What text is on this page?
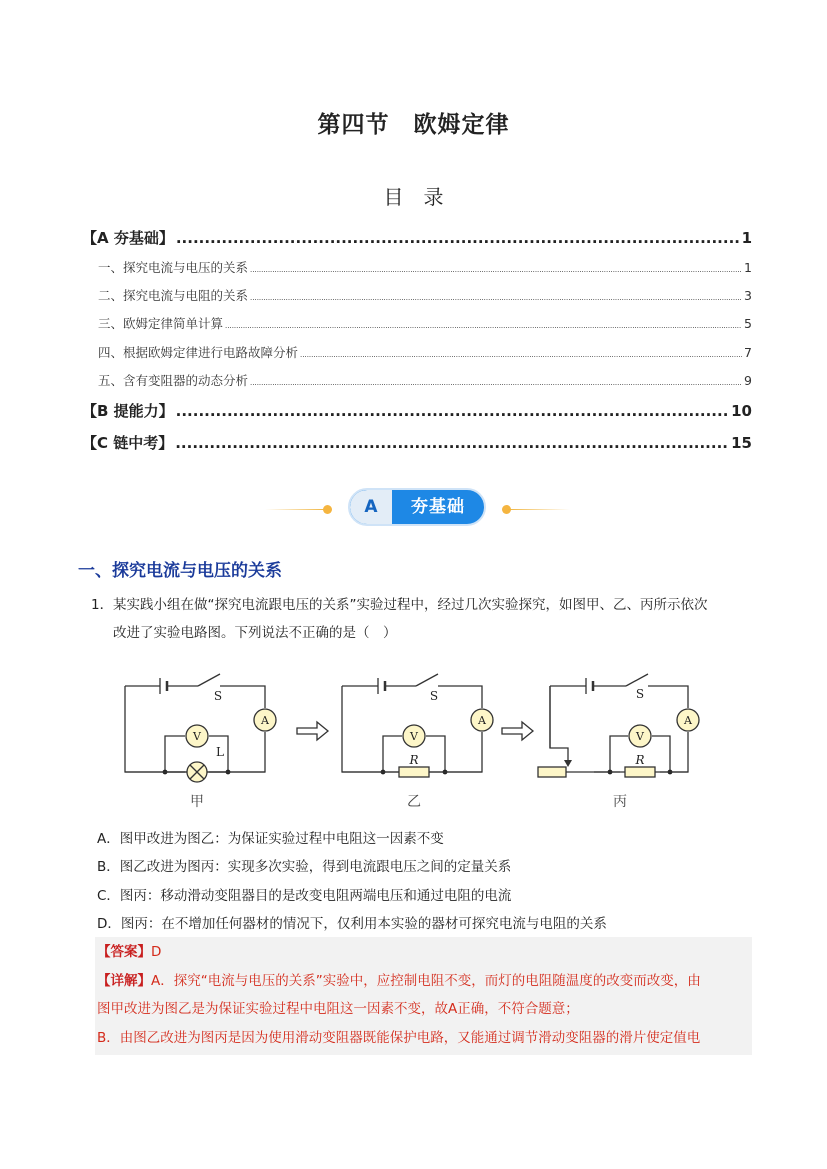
第四节　欧姆定律
目　录
【A 夯基础】 .....	1
一、探究电流与电压的关系 .....	1
二、探究电流与电阻的关系 .....	3
三、欧姆定律简单计算 .....	5
四、根据欧姆定律进行电路故障分析 .....	7
五、含有变阻器的动态分析 .....	9
【B 提能力】 .....	10
【C 链中考】 .....	15
A	夯基础
一、探究电流与电压的关系
1． 某实践小组在做“探究电流跟电压的关系”实验过程中，经过几次实验探究，如图甲、乙、丙所示依次
改进了实验电路图。下列说法不正确的是（　）
S
A
V
L
S
A
V
R
S
A
V
R
甲	乙	丙
A．图甲改进为图乙：为保证实验过程中电阻这一因素不变
B．图乙改进为图丙：实现多次实验，得到电流跟电压之间的定量关系
C．图丙：移动滑动变阻器目的是改变电阻两端电压和通过电阻的电流
D．图丙：在不增加任何器材的情况下，仅利用本实验的器材可探究电流与电阻的关系
【答案】D
【详解】A．探究“电流与电压的关系”实验中，应控制电阻不变，而灯的电阻随温度的改变而改变，由
图甲改进为图乙是为保证实验过程中电阻这一因素不变，故A正确，不符合题意；
B．由图乙改进为图丙是因为使用滑动变阻器既能保护电路，又能通过调节滑动变阻器的滑片使定值电
